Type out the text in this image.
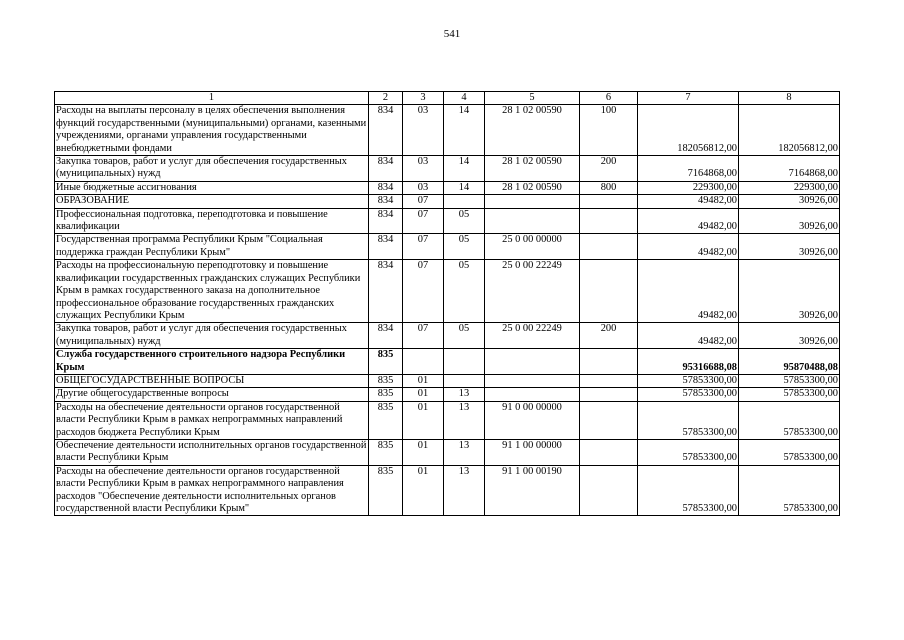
541
1	2	3	4	5	6	7	8
Расходы на выплаты персоналу в целях обеспечения выполнения функций государственными (муниципальными) органами, казенными учреждениями, органами управления государственными внебюджетными фондами	834	03	14	28 1 02 00590	100	182056812,00	182056812,00
Закупка товаров, работ и услуг для обеспечения государственных (муниципальных) нужд	834	03	14	28 1 02 00590	200	7164868,00	7164868,00
Иные бюджетные ассигнования	834	03	14	28 1 02 00590	800	229300,00	229300,00
ОБРАЗОВАНИЕ	834	07				49482,00	30926,00
Профессиональная подготовка, переподготовка и повышение квалификации	834	07	05			49482,00	30926,00
Государственная программа Республики Крым "Социальная поддержка граждан Республики Крым"	834	07	05	25 0 00 00000		49482,00	30926,00
Расходы на профессиональную переподготовку и повышение квалификации государственных гражданских служащих Республики Крым в рамках государственного заказа на дополнительное профессиональное образование государственных гражданских служащих Республики Крым	834	07	05	25 0 00 22249		49482,00	30926,00
Закупка товаров, работ и услуг для обеспечения государственных (муниципальных) нужд	834	07	05	25 0 00 22249	200	49482,00	30926,00
Служба государственного строительного надзора Республики Крым	835					95316688,08	95870488,08
ОБЩЕГОСУДАРСТВЕННЫЕ ВОПРОСЫ	835	01				57853300,00	57853300,00
Другие общегосударственные вопросы	835	01	13			57853300,00	57853300,00
Расходы на обеспечение деятельности органов государственной власти Республики Крым в рамках непрограммных направлений расходов бюджета Республики Крым	835	01	13	91 0 00 00000		57853300,00	57853300,00
Обеспечение деятельности исполнительных органов государственной власти Республики Крым	835	01	13	91 1 00 00000		57853300,00	57853300,00
Расходы на обеспечение деятельности органов государственной власти Республики Крым в рамках непрограммного направления расходов "Обеспечение деятельности исполнительных органов государственной власти Республики Крым"	835	01	13	91 1 00 00190		57853300,00	57853300,00
